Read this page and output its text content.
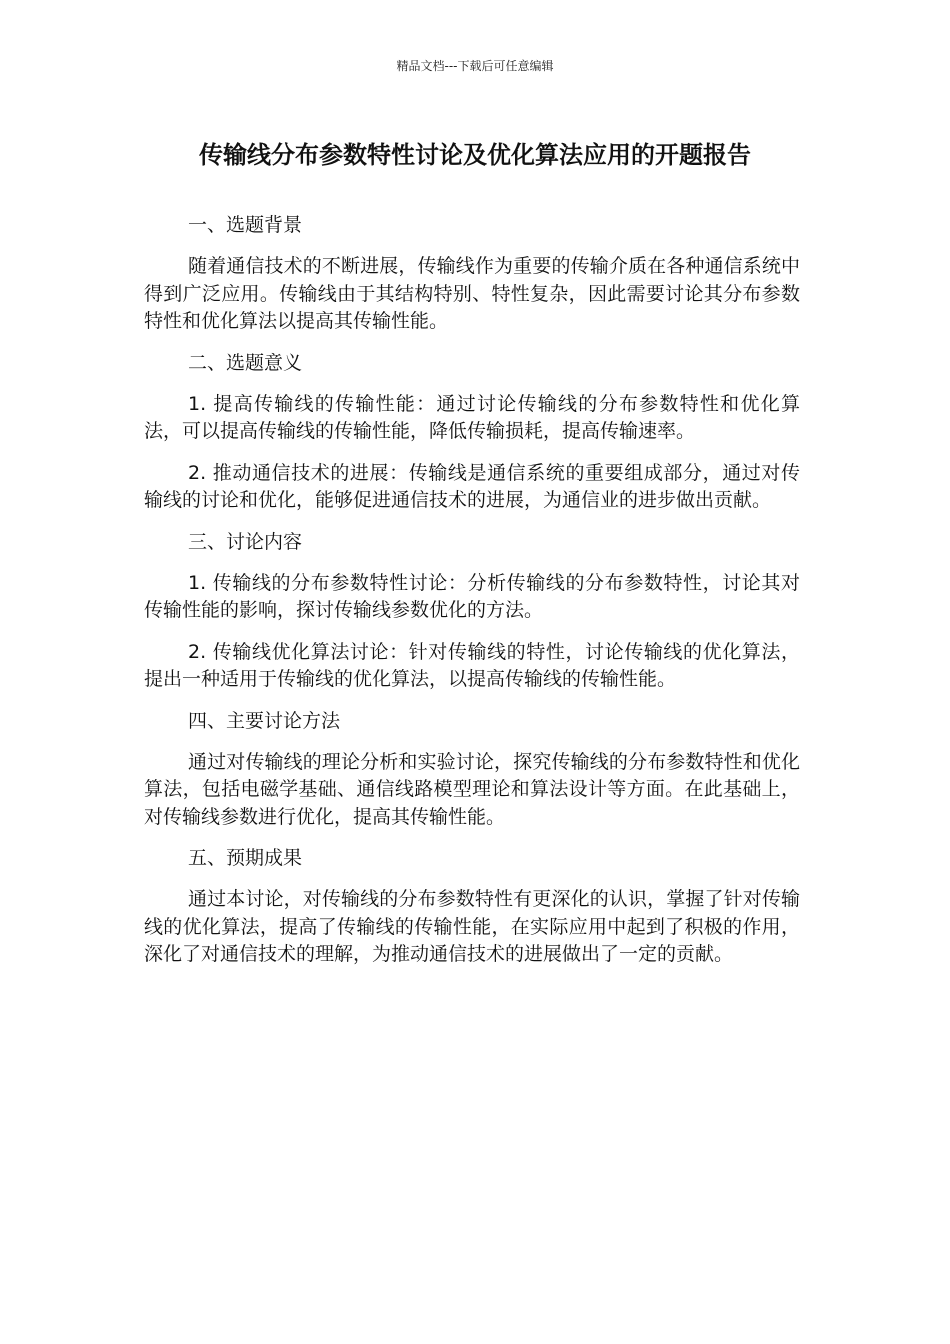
精品文档---下载后可任意编辑
传输线分布参数特性讨论及优化算法应用的开题报告

一、选题背景

随着通信技术的不断进展，传输线作为重要的传输介质在各种通信系统中得到广泛应用。传输线由于其结构特别、特性复杂，因此需要讨论其分布参数特性和优化算法以提高其传输性能。

二、选题意义

1. 提高传输线的传输性能：通过讨论传输线的分布参数特性和优化算法，可以提高传输线的传输性能，降低传输损耗，提高传输速率。

2. 推动通信技术的进展：传输线是通信系统的重要组成部分，通过对传输线的讨论和优化，能够促进通信技术的进展，为通信业的进步做出贡献。

三、讨论内容

1. 传输线的分布参数特性讨论：分析传输线的分布参数特性，讨论其对传输性能的影响，探讨传输线参数优化的方法。

2. 传输线优化算法讨论：针对传输线的特性，讨论传输线的优化算法，提出一种适用于传输线的优化算法，以提高传输线的传输性能。

四、主要讨论方法

通过对传输线的理论分析和实验讨论，探究传输线的分布参数特性和优化算法，包括电磁学基础、通信线路模型理论和算法设计等方面。在此基础上，对传输线参数进行优化，提高其传输性能。

五、预期成果

通过本讨论，对传输线的分布参数特性有更深化的认识，掌握了针对传输线的优化算法，提高了传输线的传输性能，在实际应用中起到了积极的作用，深化了对通信技术的理解，为推动通信技术的进展做出了一定的贡献。
